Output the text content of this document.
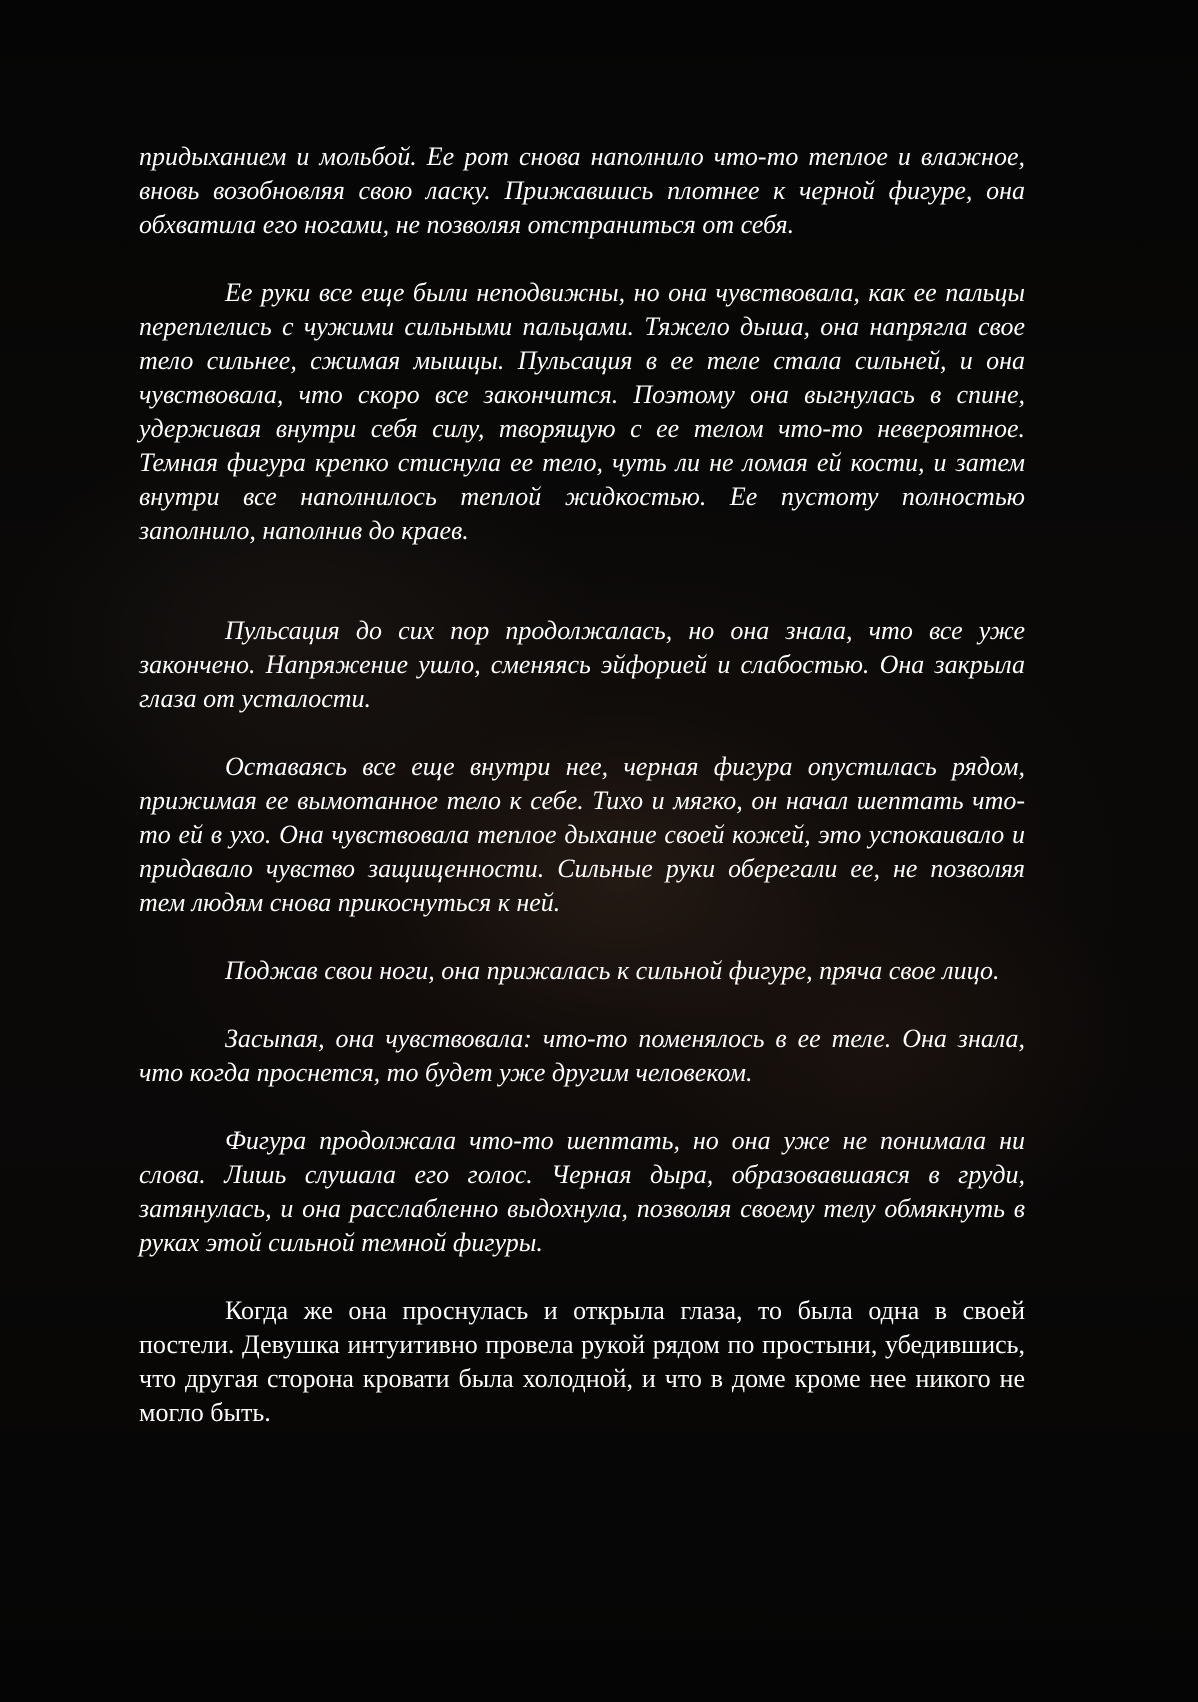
придыханием и мольбой. Ее рот снова наполнило что-то теплое и влажное, вновь возобновляя свою ласку. Прижавшись плотнее к черной фигуре, она обхватила его ногами, не позволяя отстраниться от себя.

Ее руки все еще были неподвижны, но она чувствовала, как ее пальцы переплелись с чужими сильными пальцами. Тяжело дыша, она напрягла свое тело сильнее, сжимая мышцы. Пульсация в ее теле стала сильней, и она чувствовала, что скоро все закончится. Поэтому она выгнулась в спине, удерживая внутри себя силу, творящую с ее телом что-то невероятное. Темная фигура крепко стиснула ее тело, чуть ли не ломая ей кости, и затем внутри все наполнилось теплой жидкостью. Ее пустоту полностью заполнило, наполнив до краев.

Пульсация до сих пор продолжалась, но она знала, что все уже закончено. Напряжение ушло, сменяясь эйфорией и слабостью. Она закрыла глаза от усталости.

Оставаясь все еще внутри нее, черная фигура опустилась рядом, прижимая ее вымотанное тело к себе. Тихо и мягко, он начал шептать что-то ей в ухо. Она чувствовала теплое дыхание своей кожей, это успокаивало и придавало чувство защищенности. Сильные руки оберегали ее, не позволяя тем людям снова прикоснуться к ней.

Поджав свои ноги, она прижалась к сильной фигуре, пряча свое лицо.

Засыпая, она чувствовала: что-то поменялось в ее теле. Она знала, что когда проснется, то будет уже другим человеком.

Фигура продолжала что-то шептать, но она уже не понимала ни слова. Лишь слушала его голос. Черная дыра, образовавшаяся в груди, затянулась, и она расслабленно выдохнула, позволяя своему телу обмякнуть в руках этой сильной темной фигуры.

Когда же она проснулась и открыла глаза, то была одна в своей постели. Девушка интуитивно провела рукой рядом по простыни, убедившись, что другая сторона кровати была холодной, и что в доме кроме нее никого не могло быть.
